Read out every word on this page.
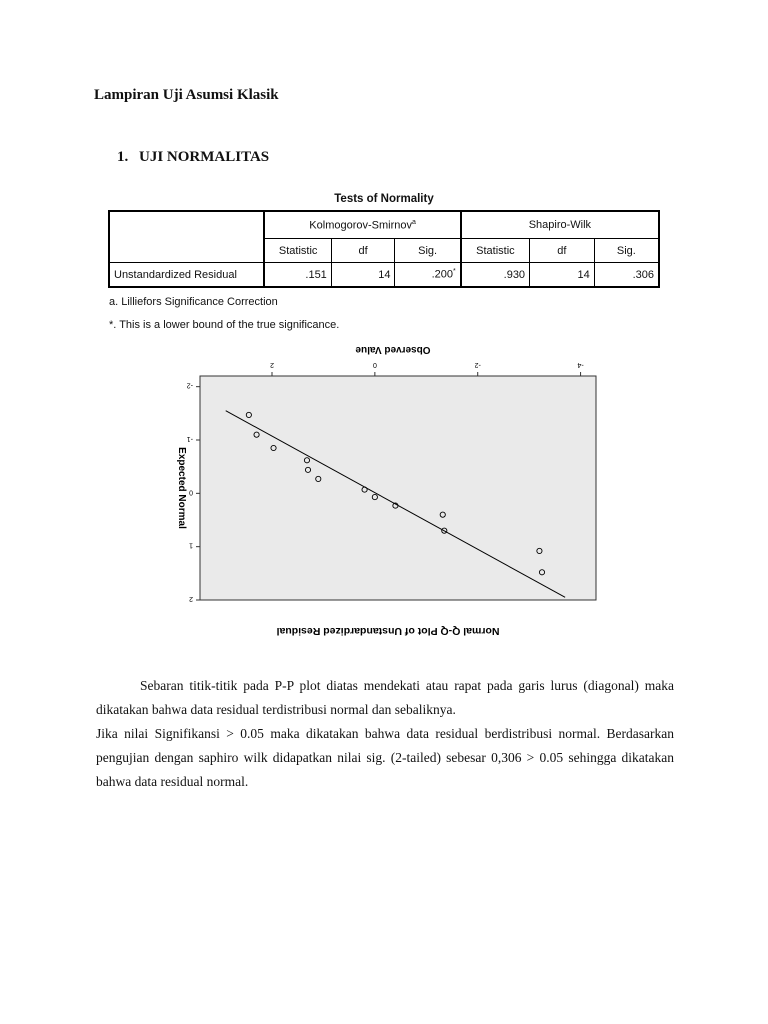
Lampiran Uji Asumsi Klasik
1. UJI NORMALITAS
Tests of Normality
	Kolmogorov-Smirnov$^a$			Shapiro-Wilk		
	Statistic	df	Sig.	Statistic	df	Sig.
Unstandardized Residual	.151	14	.200*	.930	14	.306
a. Lilliefors Significance Correction
*. This is a lower bound of the true significance.
Normal Q-Q Plot of Unstandardized Residual
Expected Normal
Observed Value
-4
-2
0
2
2
1
0
-1
-2

Sebaran titik-titik pada P-P plot diatas mendekati atau rapat pada garis lurus (diagonal) maka dikatakan bahwa data residual terdistribusi normal dan sebaliknya.

Jika nilai Signifikansi > 0.05 maka dikatakan bahwa data residual berdistribusi normal. Berdasarkan pengujian dengan saphiro wilk didapatkan nilai sig. (2-tailed) sebesar 0,306 > 0.05 sehingga dikatakan bahwa data residual normal.
